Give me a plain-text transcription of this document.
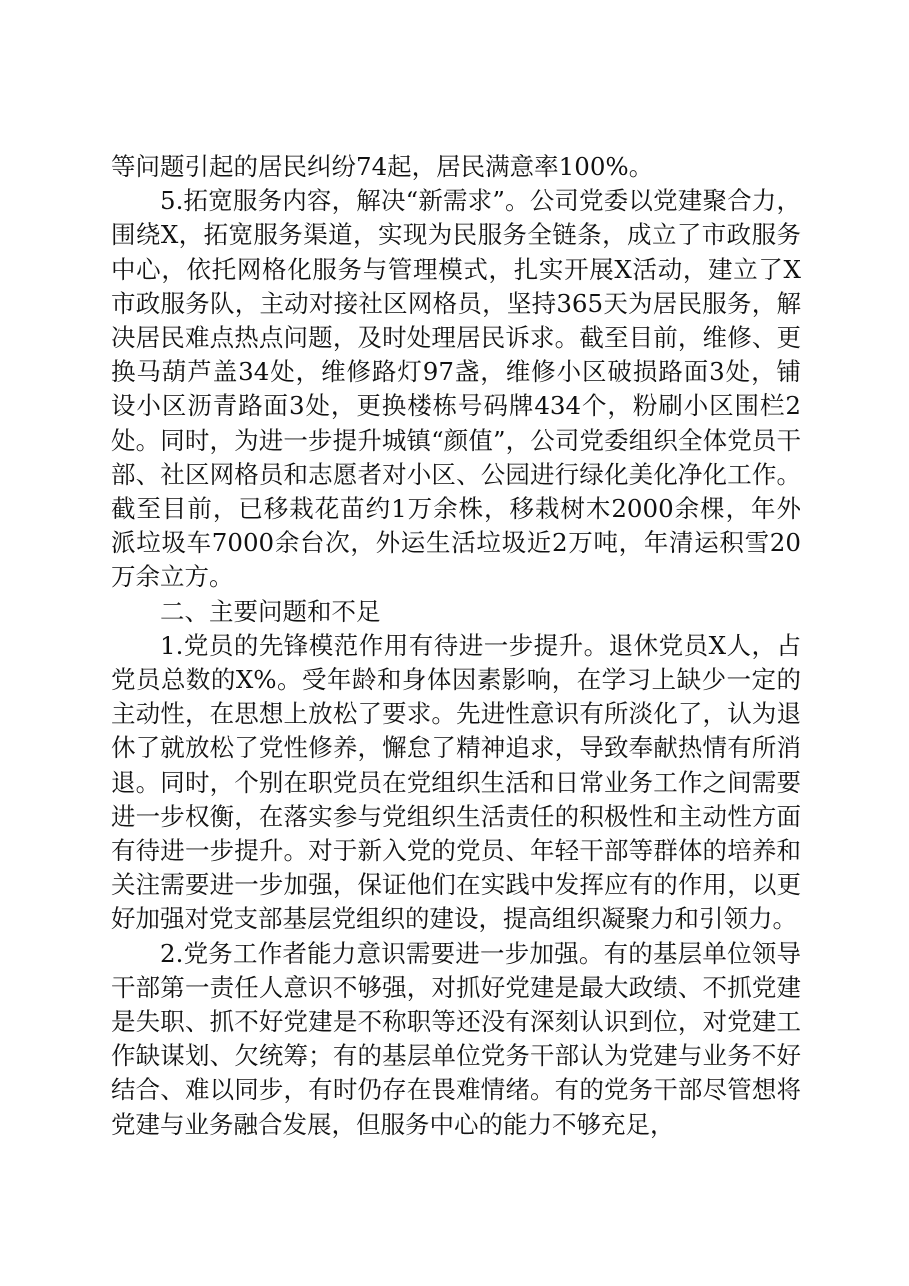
等问题引起的居民纠纷74起，居民满意率100%。

5.拓宽服务内容，解决“新需求”。公司党委以党建聚合力，围绕X，拓宽服务渠道，实现为民服务全链条，成立了市政服务中心，依托网格化服务与管理模式，扎实开展X活动，建立了X市政服务队，主动对接社区网格员，坚持365天为居民服务，解决居民难点热点问题，及时处理居民诉求。截至目前，维修、更换马葫芦盖34处，维修路灯97盏，维修小区破损路面3处，铺设小区沥青路面3处，更换楼栋号码牌434个，粉刷小区围栏2处。同时，为进一步提升城镇“颜值”，公司党委组织全体党员干部、社区网格员和志愿者对小区、公园进行绿化美化净化工作。截至目前，已移栽花苗约1万余株，移栽树木2000余棵，年外派垃圾车7000余台次，外运生活垃圾近2万吨，年清运积雪20万余立方。

二、主要问题和不足

1.党员的先锋模范作用有待进一步提升。退休党员X人，占党员总数的X%。受年龄和身体因素影响，在学习上缺少一定的主动性，在思想上放松了要求。先进性意识有所淡化了，认为退休了就放松了党性修养，懈怠了精神追求，导致奉献热情有所消退。同时，个别在职党员在党组织生活和日常业务工作之间需要进一步权衡，在落实参与党组织生活责任的积极性和主动性方面有待进一步提升。对于新入党的党员、年轻干部等群体的培养和关注需要进一步加强，保证他们在实践中发挥应有的作用，以更好加强对党支部基层党组织的建设，提高组织凝聚力和引领力。

2.党务工作者能力意识需要进一步加强。有的基层单位领导干部第一责任人意识不够强，对抓好党建是最大政绩、不抓党建是失职、抓不好党建是不称职等还没有深刻认识到位，对党建工作缺谋划、欠统筹；有的基层单位党务干部认为党建与业务不好结合、难以同步，有时仍存在畏难情绪。有的党务干部尽管想将党建与业务融合发展，但服务中心的能力不够充足，
